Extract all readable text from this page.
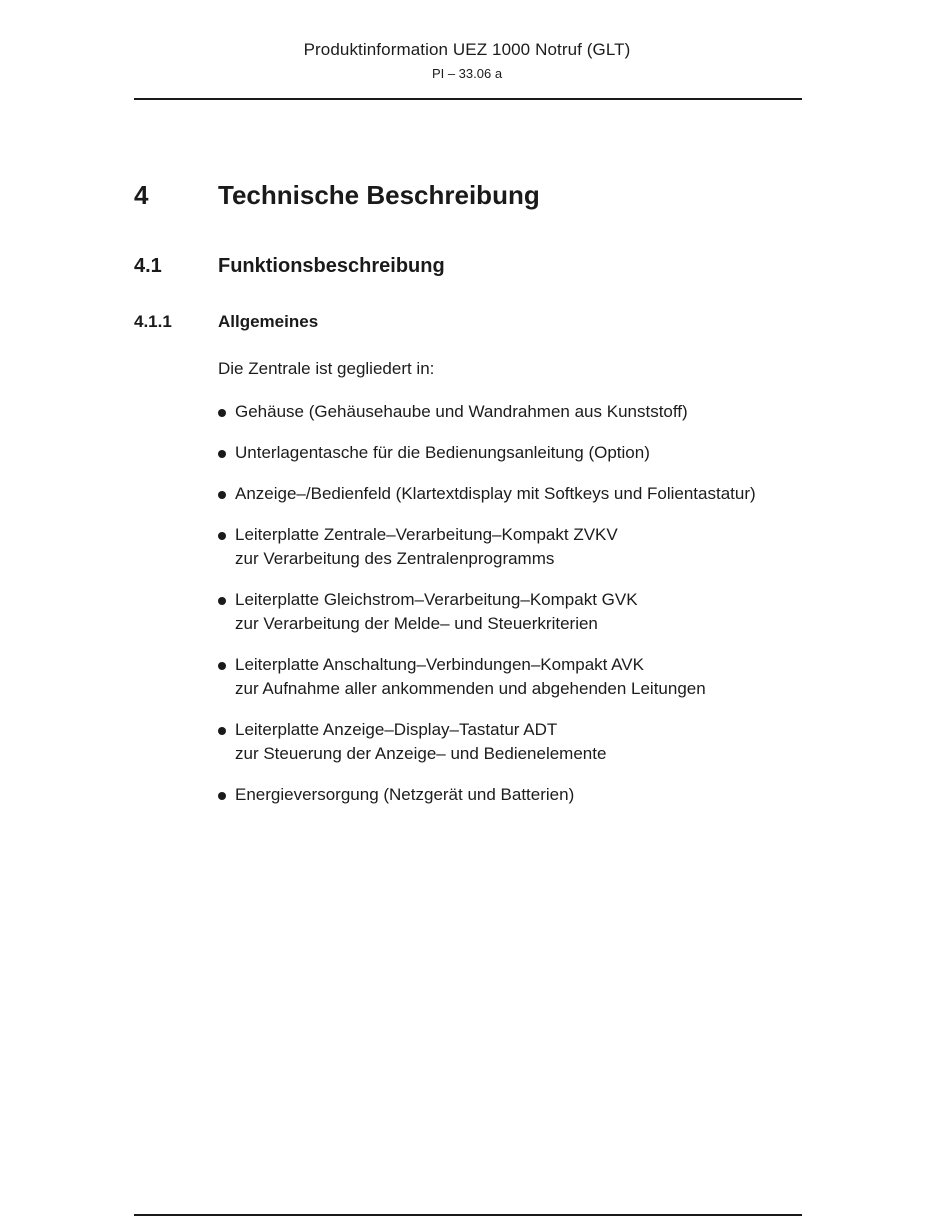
Produktinformation UEZ 1000 Notruf (GLT)
PI – 33.06 a
4	Technische Beschreibung
4.1	Funktionsbeschreibung
4.1.1	Allgemeines
Die Zentrale ist gegliedert in:
Gehäuse (Gehäusehaube und Wandrahmen aus Kunststoff)
Unterlagentasche für die Bedienungsanleitung (Option)
Anzeige–/Bedienfeld (Klartextdisplay mit Softkeys und Folientastatur)
Leiterplatte Zentrale–Verarbeitung–Kompakt ZVKV
zur Verarbeitung des Zentralenprogramms
Leiterplatte Gleichstrom–Verarbeitung–Kompakt GVK
zur Verarbeitung der Melde– und Steuerkriterien
Leiterplatte Anschaltung–Verbindungen–Kompakt AVK
zur Aufnahme aller ankommenden und abgehenden Leitungen
Leiterplatte Anzeige–Display–Tastatur ADT
zur Steuerung der Anzeige– und Bedienelemente
Energieversorgung (Netzgerät und Batterien)
